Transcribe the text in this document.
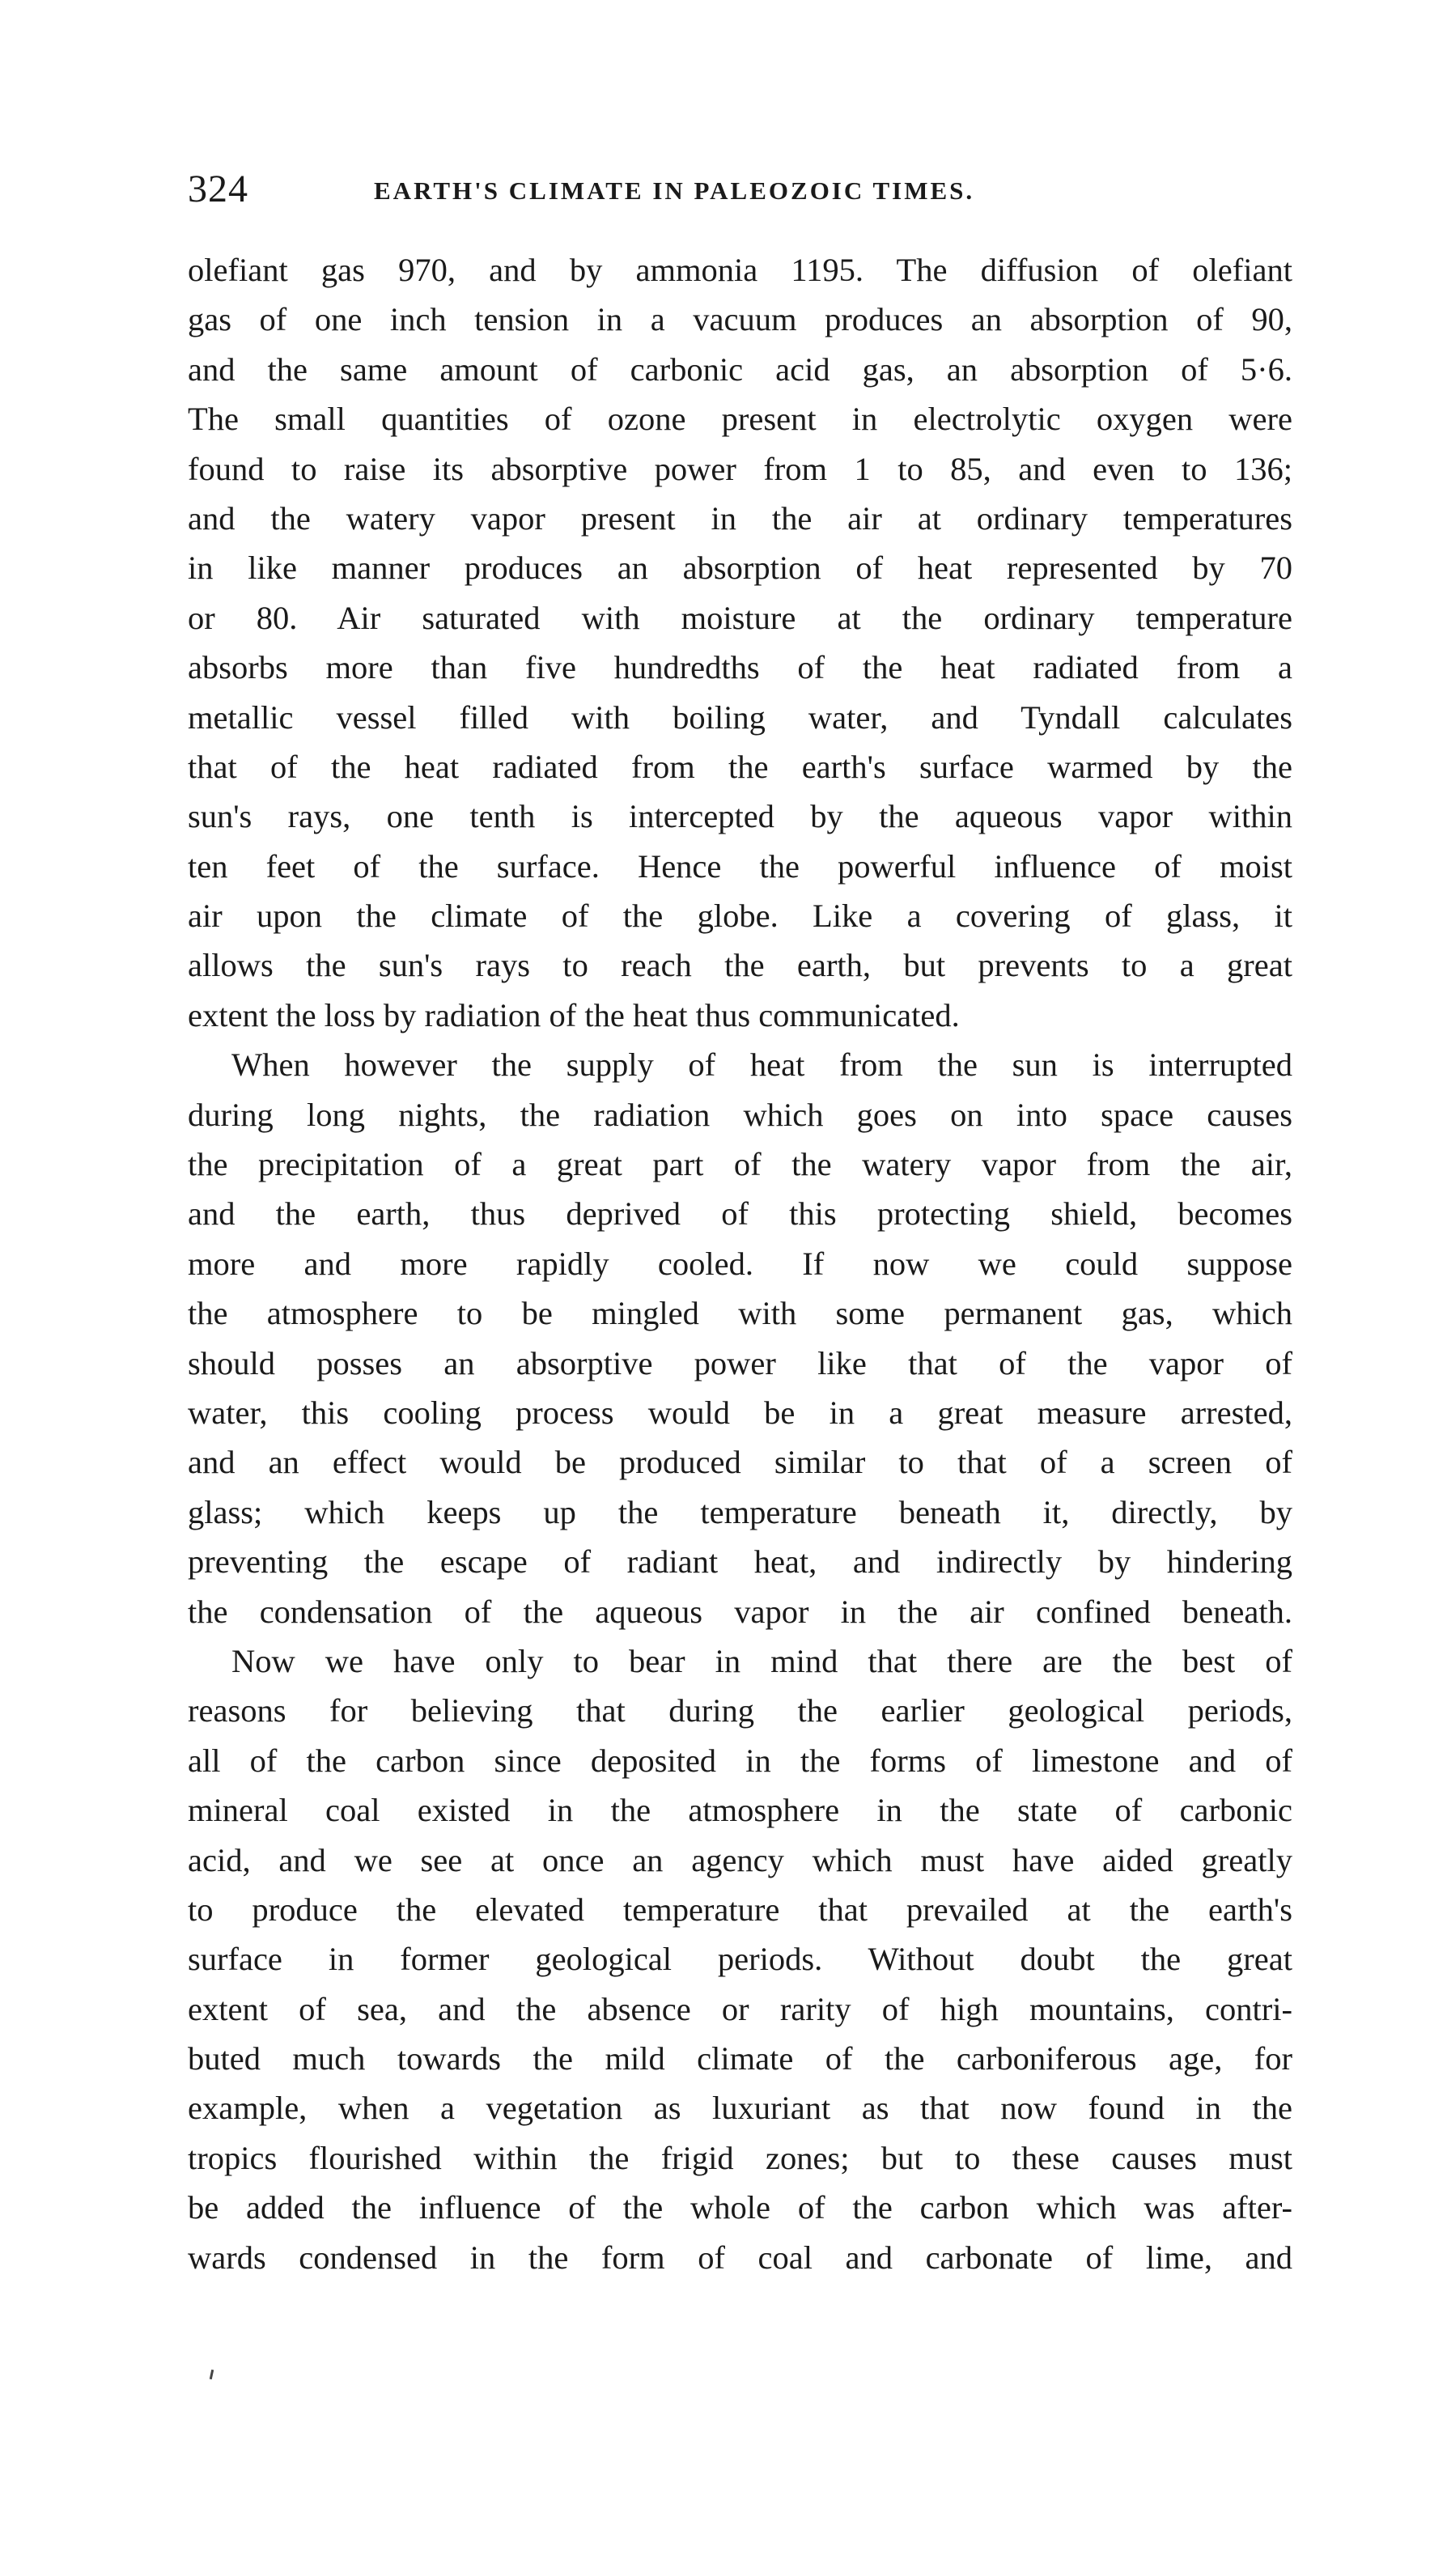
324	EARTH'S CLIMATE IN PALEOZOIC TIMES.
olefiant gas 970, and by ammonia 1195. The diffusion of olefiant
gas of one inch tension in a vacuum produces an absorption of 90,
and the same amount of carbonic acid gas, an absorption of 5·6.
The small quantities of ozone present in electrolytic oxygen were
found to raise its absorptive power from 1 to 85, and even to 136;
and the watery vapor present in the air at ordinary temperatures
in like manner produces an absorption of heat represented by 70
or 80. Air saturated with moisture at the ordinary temperature
absorbs more than five hundredths of the heat radiated from a
metallic vessel filled with boiling water, and Tyndall calculates
that of the heat radiated from the earth's surface warmed by the
sun's rays, one tenth is intercepted by the aqueous vapor within
ten feet of the surface. Hence the powerful influence of moist
air upon the climate of the globe. Like a covering of glass, it
allows the sun's rays to reach the earth, but prevents to a great
extent the loss by radiation of the heat thus communicated.
When however the supply of heat from the sun is interrupted
during long nights, the radiation which goes on into space causes
the precipitation of a great part of the watery vapor from the air,
and the earth, thus deprived of this protecting shield, becomes
more and more rapidly cooled. If now we could suppose
the atmosphere to be mingled with some permanent gas, which
should posses an absorptive power like that of the vapor of
water, this cooling process would be in a great measure arrested,
and an effect would be produced similar to that of a screen of
glass; which keeps up the temperature beneath it, directly, by
preventing the escape of radiant heat, and indirectly by hindering
the condensation of the aqueous vapor in the air confined beneath.
Now we have only to bear in mind that there are the best of
reasons for believing that during the earlier geological periods,
all of the carbon since deposited in the forms of limestone and of
mineral coal existed in the atmosphere in the state of carbonic
acid, and we see at once an agency which must have aided greatly
to produce the elevated temperature that prevailed at the earth's
surface in former geological periods. Without doubt the great
extent of sea, and the absence or rarity of high mountains, contri-
buted much towards the mild climate of the carboniferous age, for
example, when a vegetation as luxuriant as that now found in the
tropics flourished within the frigid zones; but to these causes must
be added the influence of the whole of the carbon which was after-
wards condensed in the form of coal and carbonate of lime, and
